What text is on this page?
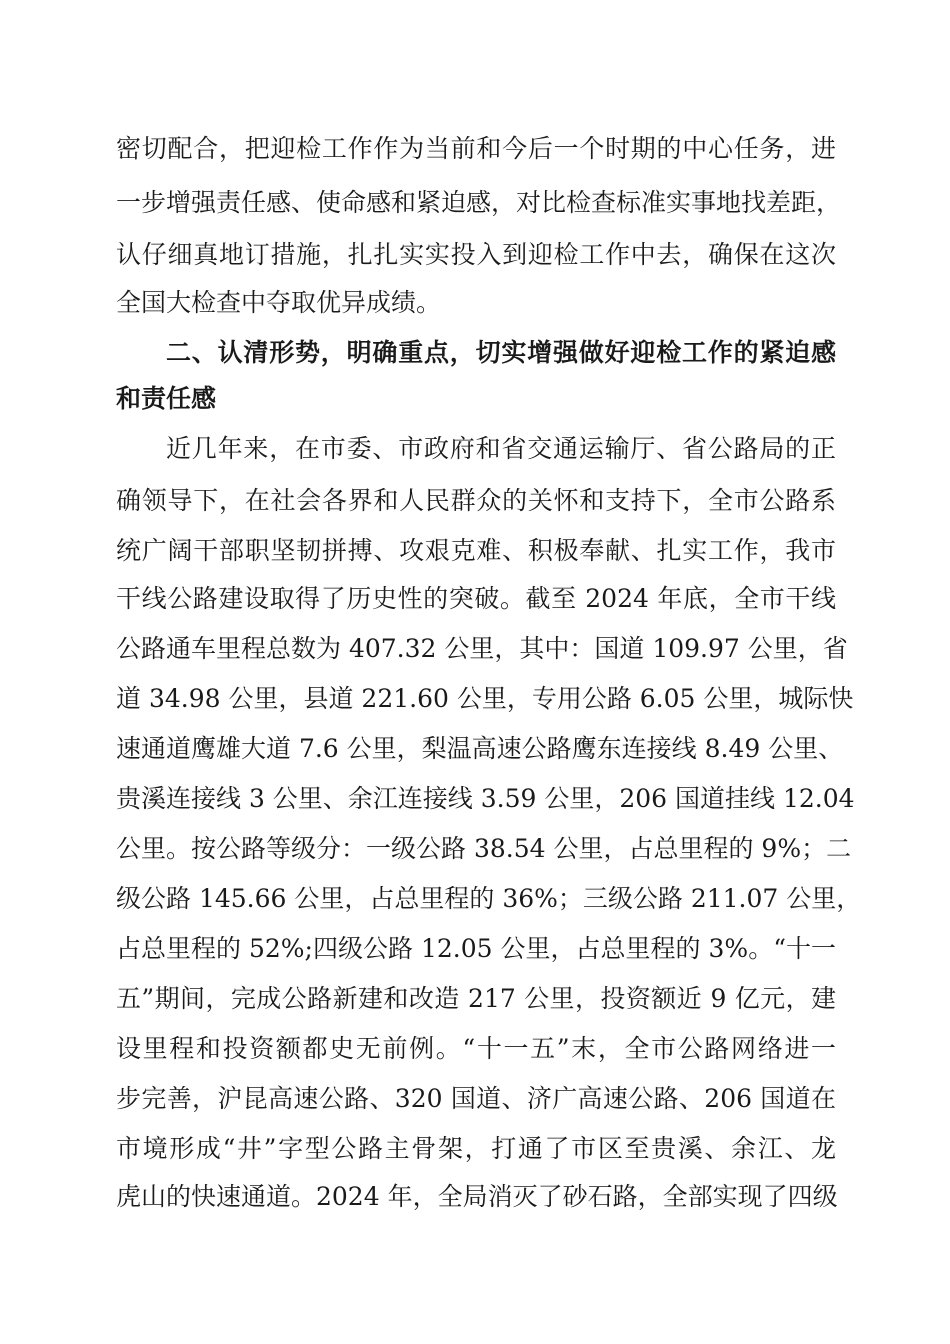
密切配合，把迎检工作作为当前和今后一个时期的中心任务，进
一步增强责任感、使命感和紧迫感，对比检查标准实事地找差距，
认仔细真地订措施，扎扎实实投入到迎检工作中去，确保在这次
全国大检查中夺取优异成绩。
二、认清形势，明确重点，切实增强做好迎检工作的紧迫感
和责任感
近几年来，在市委、市政府和省交通运输厅、省公路局的正
确领导下，在社会各界和人民群众的关怀和支持下，全市公路系
统广阔干部职坚韧拼搏、攻艰克难、积极奉献、扎实工作，我市
干线公路建设取得了历史性的突破。截至 2024 年底，全市干线
公路通车里程总数为 407.32 公里，其中：国道 109.97 公里，省
道 34.98 公里，县道 221.60 公里，专用公路 6.05 公里，城际快
速通道鹰雄大道 7.6 公里，梨温高速公路鹰东连接线 8.49 公里、
贵溪连接线 3 公里、余江连接线 3.59 公里，206 国道挂线 12.04
公里。按公路等级分：一级公路 38.54 公里，占总里程的 9%；二
级公路 145.66 公里，占总里程的 36%；三级公路 211.07 公里，
占总里程的 52%;四级公路 12.05 公里，占总里程的 3%。“十一
五”期间，完成公路新建和改造 217 公里，投资额近 9 亿元，建
设里程和投资额都史无前例。“十一五”末，全市公路网络进一
步完善，沪昆高速公路、320 国道、济广高速公路、206 国道在
市境形成“井”字型公路主骨架，打通了市区至贵溪、余江、龙
虎山的快速通道。2024 年，全局消灭了砂石路，全部实现了四级
